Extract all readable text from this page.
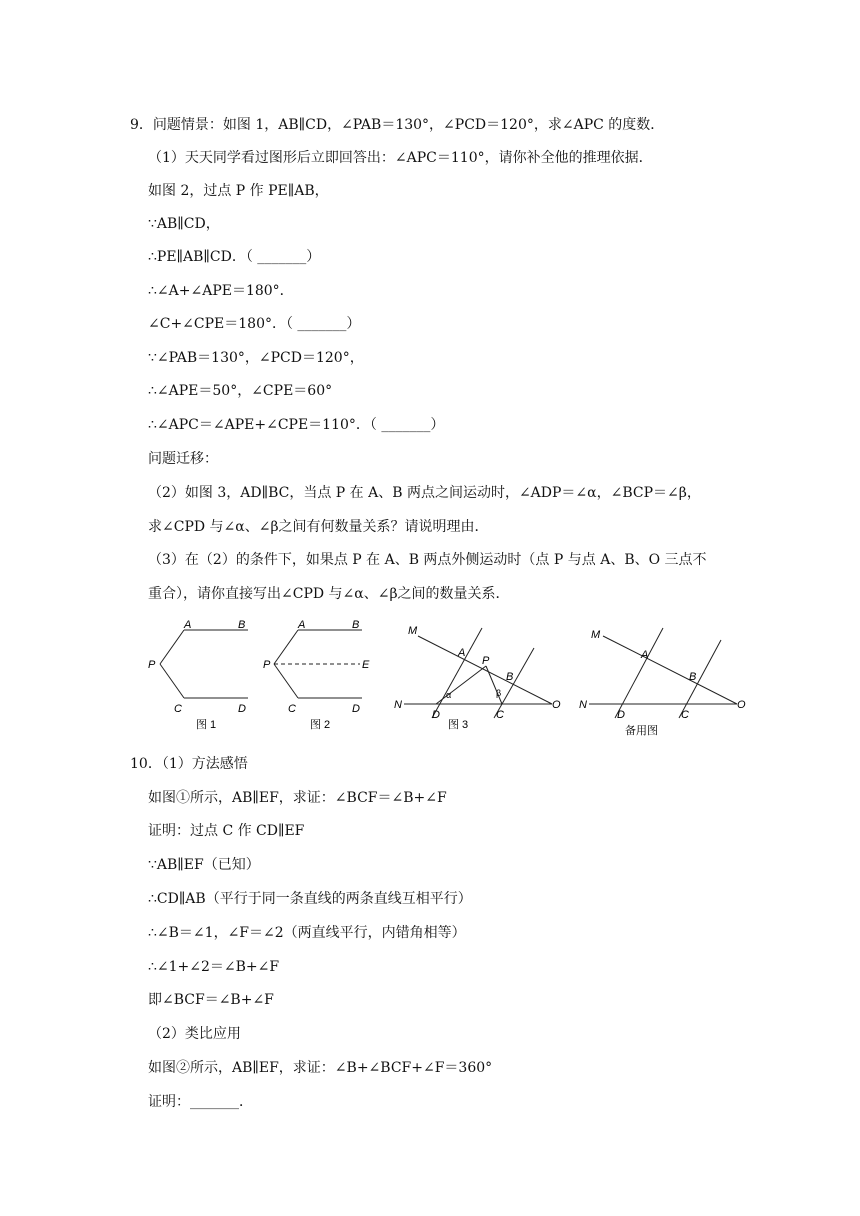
9．问题情景：如图 1，AB∥CD，∠PAB＝130°，∠PCD＝120°，求∠APC 的度数．
（1）天天同学看过图形后立即回答出：∠APC＝110°，请你补全他的推理依据．
如图 2，过点 P 作 PE∥AB，
∵AB∥CD，
∴PE∥AB∥CD．（ _______）
∴∠A+∠APE＝180°．
∠C+∠CPE＝180°．（ _______）
∵∠PAB＝130°，∠PCD＝120°，
∴∠APE＝50°，∠CPE＝60°
∴∠APC＝∠APE+∠CPE＝110°．（ _______）
问题迁移：
（2）如图 3，AD∥BC，当点 P 在 A、B 两点之间运动时，∠ADP＝∠α，∠BCP＝∠β，
求∠CPD 与∠α、∠β之间有何数量关系？请说明理由．
（3）在（2）的条件下，如果点 P 在 A、B 两点外侧运动时（点 P 与点 A、B、O 三点不
重合），请你直接写出∠CPD 与∠α、∠β之间的数量关系．
A	B
P
C	D
图 1
A	B
P	E
C	D
图 2
M
A
P
B
N
D	C
O
α	β
图 3
M
A
B
N
D	C
O
备用图
10．（1）方法感悟
如图①所示，AB∥EF，求证：∠BCF＝∠B+∠F
证明：过点 C 作 CD∥EF
∵AB∥EF（已知）
∴CD∥AB（平行于同一条直线的两条直线互相平行）
∴∠B＝∠1，∠F＝∠2（两直线平行，内错角相等）
∴∠1+∠2＝∠B+∠F
即∠BCF＝∠B+∠F
（2）类比应用
如图②所示，AB∥EF，求证：∠B+∠BCF+∠F＝360°
证明：_______．
